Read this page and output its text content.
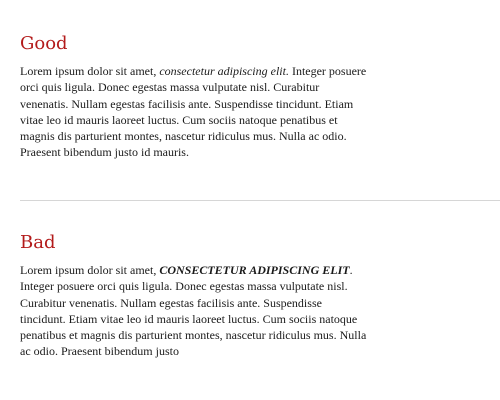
Good

Lorem ipsum dolor sit amet, consectetur adipiscing elit. Integer posuere orci quis ligula. Donec egestas massa vulputate nisl. Curabitur venenatis. Nullam egestas facilisis ante. Suspendisse tincidunt. Etiam vitae leo id mauris laoreet luctus. Cum sociis natoque penatibus et magnis dis parturient montes, nascetur ridiculus mus. Nulla ac odio. Praesent bibendum justo id mauris.

Bad

Lorem ipsum dolor sit amet, CONSECTETUR ADIPISCING ELIT. Integer posuere orci quis ligula. Donec egestas massa vulputate nisl. Curabitur venenatis. Nullam egestas facilisis ante. Suspendisse tincidunt. Etiam vitae leo id mauris laoreet luctus. Cum sociis natoque penatibus et magnis dis parturient montes, nascetur ridiculus mus. Nulla ac odio. Praesent bibendum justo
